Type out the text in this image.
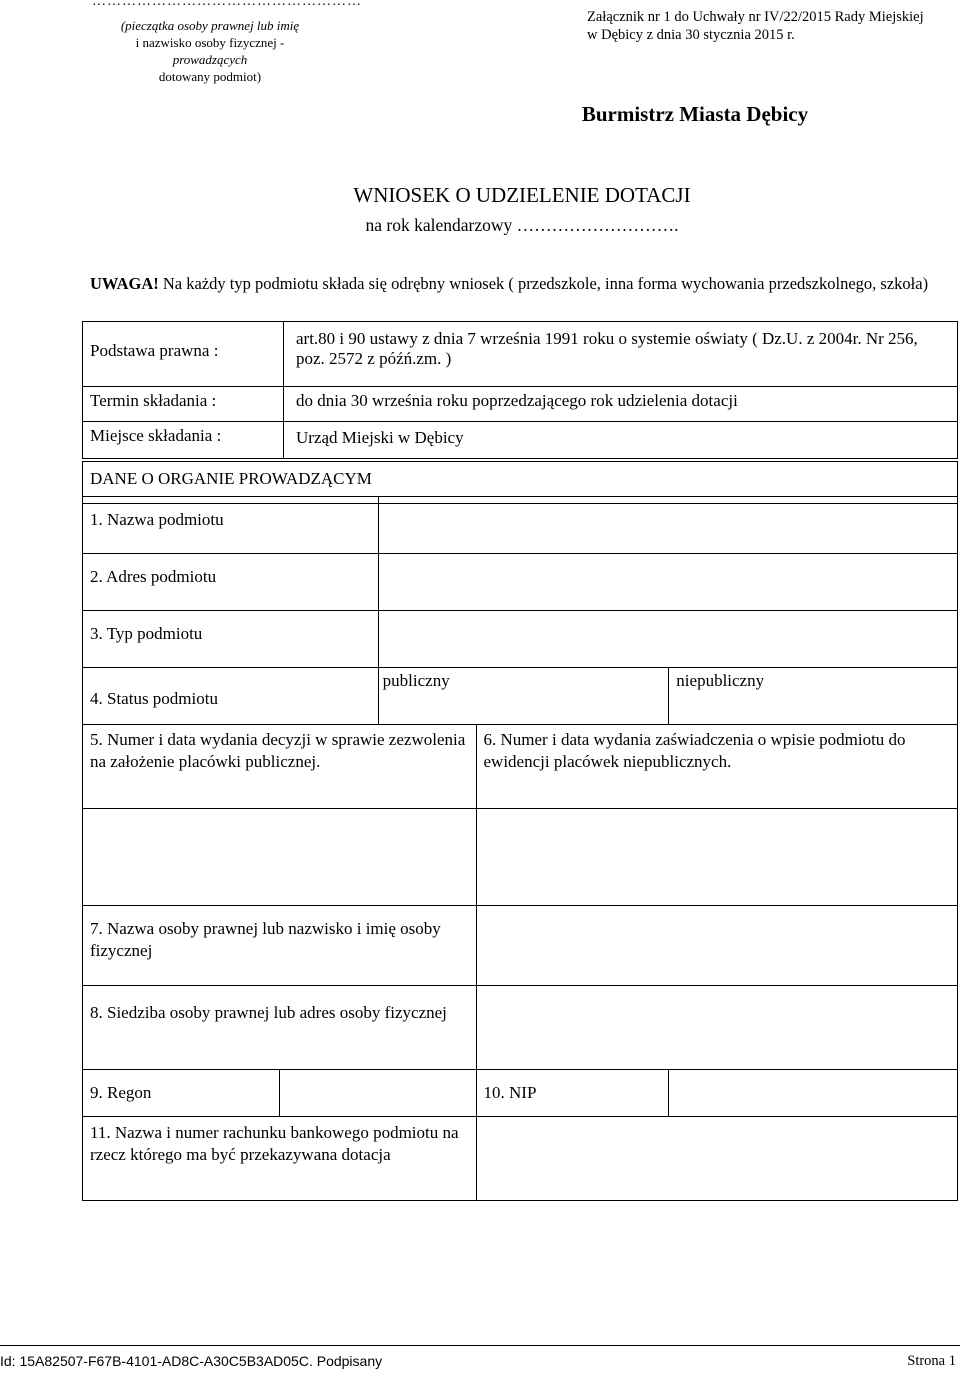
………………………………………………
(pieczątka osoby prawnej lub imię
i nazwisko osoby fizycznej - prowadzących
dotowany podmiot)
Załącznik nr 1 do Uchwały nr IV/22/2015 Rady Miejskiej
w Dębicy z dnia 30 stycznia 2015 r.
Burmistrz Miasta Dębicy
WNIOSEK O UDZIELENIE DOTACJI
na rok kalendarzowy ……………………….
UWAGA! Na każdy typ podmiotu składa się odrębny wniosek ( przedszkole, inna forma wychowania przedszkolnego, szkoła)
Podstawa prawna :	art.80 i 90 ustawy z dnia 7 września 1991 roku o systemie oświaty ( Dz.U. z 2004r. Nr 256, poz. 2572 z późń.zm. )
Termin składania :	do dnia 30 września roku poprzedzającego rok udzielenia dotacji
Miejsce składania :	Urząd Miejski w Dębicy
DANE O ORGANIE PROWADZĄCYM
1. Nazwa podmiotu				
2. Adres podmiotu				
3. Typ podmiotu				
4. Status podmiotu		publiczny		niepubliczny
5. Numer i data wydania decyzji w sprawie zezwolenia na założenie placówki publicznej.			6. Numer i data wydania zaświadczenia o wpisie podmiotu do ewidencji placówek niepublicznych.	

7. Nazwa osoby prawnej lub nazwisko i imię osoby fizycznej				
8. Siedziba osoby prawnej lub adres osoby fizycznej				
9. Regon			10. NIP	
11. Nazwa i numer rachunku bankowego podmiotu na rzecz którego ma być przekazywana dotacja				
Id: 15A82507-F67B-4101-AD8C-A30C5B3AD05C. Podpisany	Strona 1
